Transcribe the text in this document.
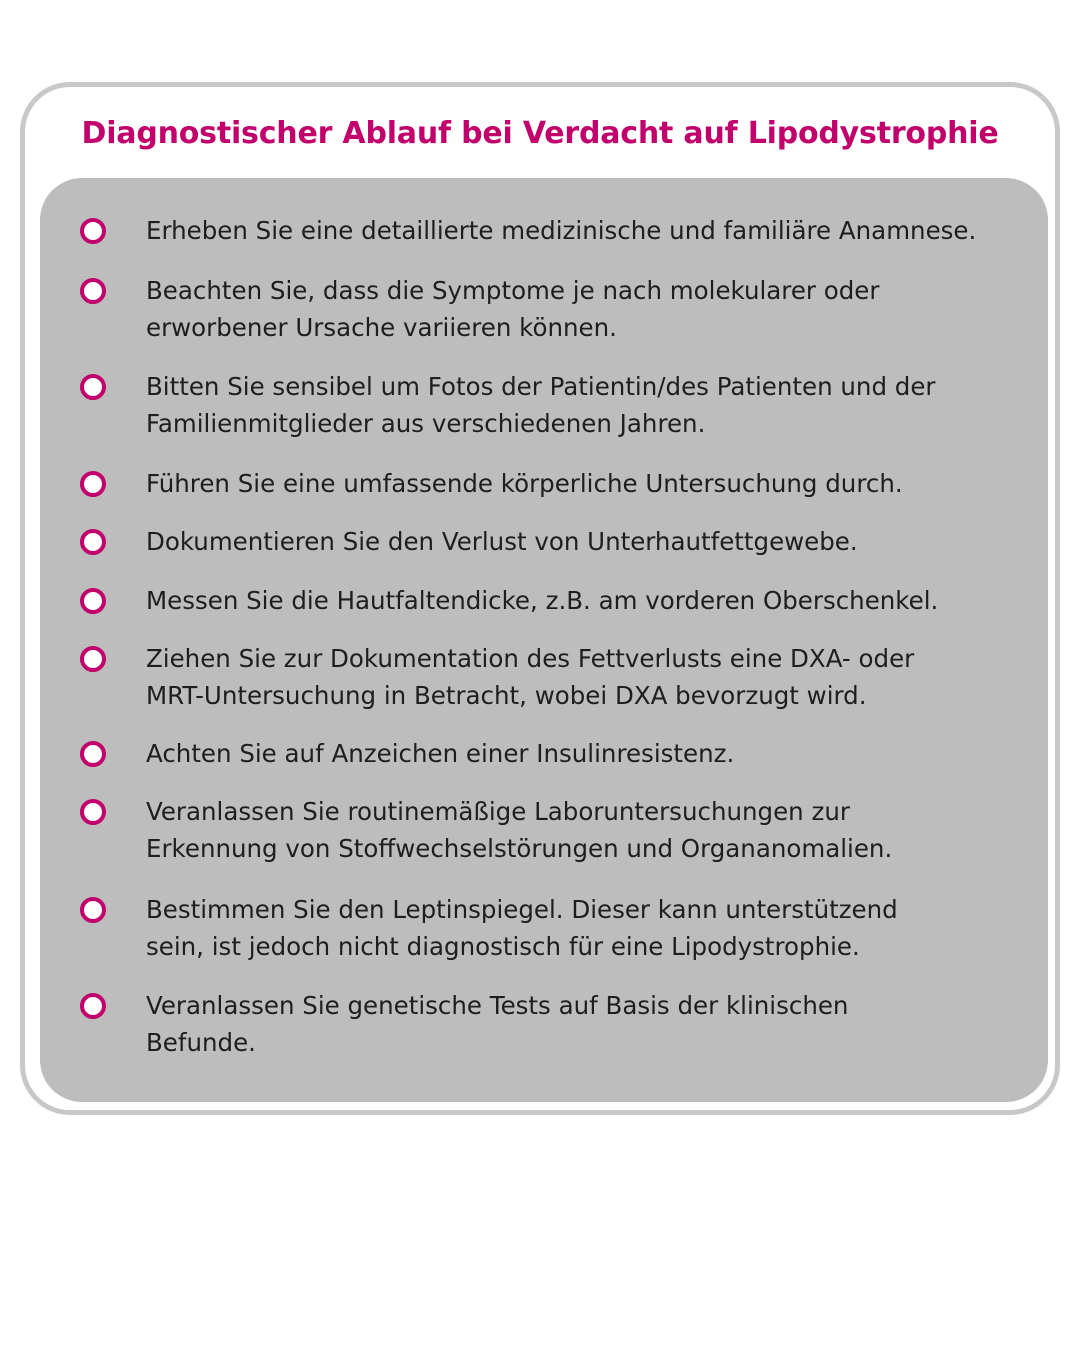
Diagnostischer Ablauf bei Verdacht auf Lipodystrophie

Erheben Sie eine detaillierte medizinische und familiäre Anamnese.

Beachten Sie, dass die Symptome je nach molekularer oder
erworbener Ursache variieren können.

Bitten Sie sensibel um Fotos der Patientin/des Patienten und der
Familienmitglieder aus verschiedenen Jahren.

Führen Sie eine umfassende körperliche Untersuchung durch.

Dokumentieren Sie den Verlust von Unterhautfettgewebe.

Messen Sie die Hautfaltendicke, z.B. am vorderen Oberschenkel.

Ziehen Sie zur Dokumentation des Fettverlusts eine DXA- oder
MRT-Untersuchung in Betracht, wobei DXA bevorzugt wird.

Achten Sie auf Anzeichen einer Insulinresistenz.

Veranlassen Sie routinemäßige Laboruntersuchungen zur
Erkennung von Stoffwechselstörungen und Organanomalien.

Bestimmen Sie den Leptinspiegel. Dieser kann unterstützend
sein, ist jedoch nicht diagnostisch für eine Lipodystrophie.

Veranlassen Sie genetische Tests auf Basis der klinischen
Befunde.
